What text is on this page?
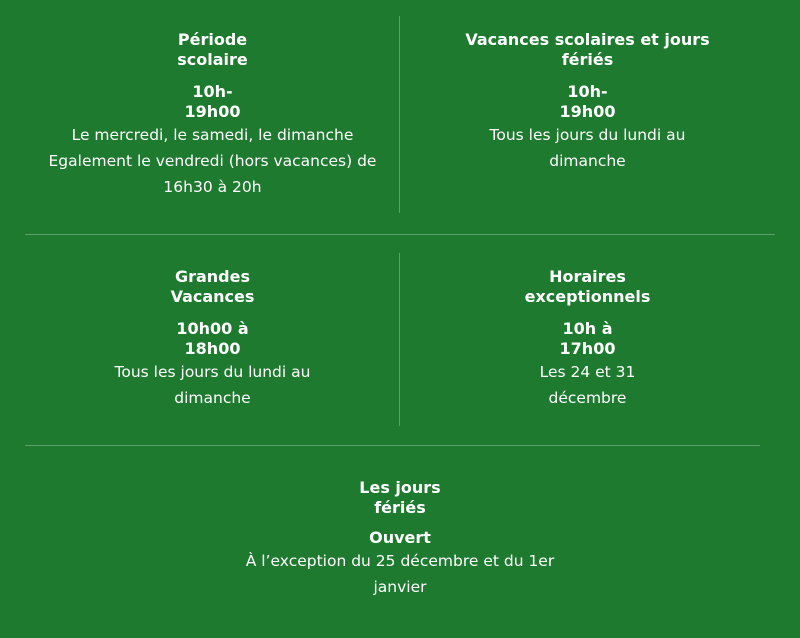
Période scolaire
10h- 19h00
Le mercredi, le samedi, le dimanche
Egalement le vendredi (hors vacances) de 16h30 à 20h
Vacances scolaires et jours fériés
10h- 19h00
Tous les jours du lundi au dimanche
Grandes Vacances
10h00 à 18h00
Tous les jours du lundi au dimanche
Horaires exceptionnels
10h à 17h00
Les 24 et 31 décembre
Les jours fériés
Ouvert
À l’exception du 25 décembre et du 1er janvier
